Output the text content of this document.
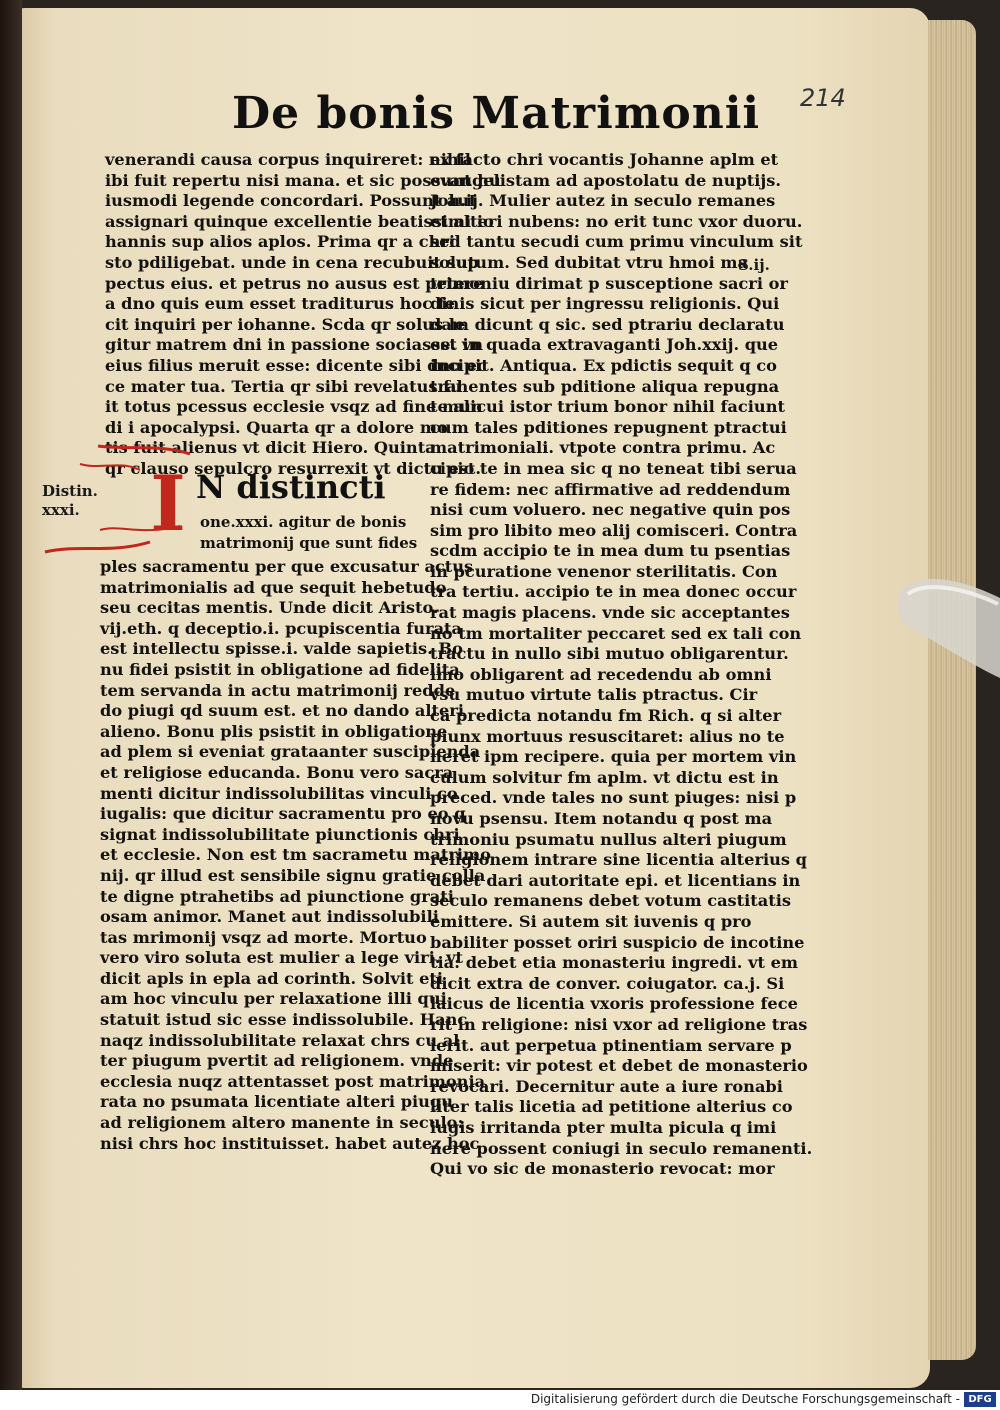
214
De bonis Matrimonii
venerandi causa corpus inquireret: nihil
ibi fuit repertu nisi mana. et sic possunt hu
iusmodi legende concordari. Possunt aut
assignari quinque excellentie beatissimi io
hannis sup alios aplos. Prima qr a chri
sto pdiligebat. unde in cena recubuit sup
pectus eius. et petrus no ausus est petere
a dno quis eum esset traditurus hoc fe
cit inquiri per iohanne. Scda qr solus le
gitur matrem dni in passione sociasse. vn
eius filius meruit esse: dicente sibi dno ec
ce mater tua. Tertia qr sibi revelatus fu
it totus pcessus ecclesie vsqz ad fine mun
di i apocalypsi. Quarta qr a dolore mo
tis fuit alienus vt dicit Hiero. Quinta
qr clauso sepulcro resurrexit vt dictu est.
Distin.
xxxi. I N distincti
one.xxxi. agitur de bonis
matrimonij que sunt fides
ples sacramentu per que excusatur actus
matrimonialis ad que sequit hebetudo
seu cecitas mentis. Unde dicit Aristo.
vij.eth. q deceptio.i. pcupiscentia furata
est intellectu spisse.i. valde sapietis. Bo
nu fidei psistit in obligatione ad fidelita
tem servanda in actu matrimonij redde
do piugi qd suum est. et no dando alteri
alieno. Bonu plis psistit in obligatione
ad plem si eveniat grataanter suscipienda
et religiose educanda. Bonu vero sacra
menti dicitur indissolubilitas vinculi co
iugalis: que dicitur sacramentu pro eo q
signat indissolubilitate piunctionis chri
et ecclesie. Non est tm sacrametu matrimo
nij. qr illud est sensibile signu gratie colla
te digne ptrahetibs ad piunctione grati
osam animor. Manet aut indissolubili
tas mrimonij vsqz ad morte. Mortuo
vero viro soluta est mulier a lege viri. vt
dicit apls in epla ad corinth. Solvit eti
am hoc vinculu per relaxatione illi qui
statuit istud sic esse indissolubile. Hanc
naqz indissolubilitate relaxat chrs cu al
ter piugum pvertit ad religionem. vnde
ecclesia nuqz attentasset post matrimonia
rata no psumata licentiate alteri piugu
ad religionem altero manente in seculo:
nisi chrs hoc instituisset. habet autez hoc
ex facto chri vocantis Johanne aplm et
evangelistam ad apostolatu de nuptijs.
Joh.ij. Mulier autez in seculo remanes
et alteri nubens: no erit tunc vxor duoru.
sed tantu secudi cum primu vinculum sit
solutum. Sed dubitat vtru hmoi ma
trimoniu dirimat p susceptione sacri or
dinis sicut per ingressu religionis. Qui
dam dicunt q sic. sed ptrariu declaratu
est in quada extravaganti Joh.xxij. que
incipit. Antiqua. Ex pdictis sequit q co
trahentes sub pditione aliqua repugna
te alicui istor trium bonor nihil faciunt
cum tales pditiones repugnent ptractui
matrimoniali. vtpote contra primu. Ac
cipio te in mea sic q no teneat tibi serua
re fidem: nec affirmative ad reddendum
nisi cum voluero. nec negative quin pos
sim pro libito meo alij comisceri. Contra
scdm accipio te in mea dum tu psentias
in pcuratione venenor sterilitatis. Con
tra tertiu. accipio te in mea donec occur
rat magis placens. vnde sic acceptantes
no tm mortaliter peccaret sed ex tali con
tractu in nullo sibi mutuo obligarentur.
imo obligarent ad recedendu ab omni
vsu mutuo virtute talis ptractus. Cir
ca predicta notandu fm Rich. q si alter
piunx mortuus resuscitaret: alius no te
neret ipm recipere. quia per mortem vin
culum solvitur fm aplm. vt dictu est in
preced. vnde tales no sunt piuges: nisi p
novu psensu. Item notandu q post ma
trimoniu psumatu nullus alteri piugum
religionem intrare sine licentia alterius q
debet dari autoritate epi. et licentians in
seculo remanens debet votum castitatis
emittere. Si autem sit iuvenis q pro
babiliter posset oriri suspicio de incotine
tia: debet etia monasteriu ingredi. vt em
dicit extra de conver. coiugator. ca.j. Si
laicus de licentia vxoris professione fece
rit in religione: nisi vxor ad religione tras
ierit. aut perpetua ptinentiam servare p
miserit: vir potest et debet de monasterio
revocari. Decernitur aute a iure ronabi
liter talis licetia ad petitione alterius co
iugis irritanda pter multa picula q imi
nere possent coniugi in seculo remanenti.
Qui vo sic de monasterio revocat: mor
S.ij.
Digitalisierung gefördert durch die Deutsche Forschungsgemeinschaft - DFG
